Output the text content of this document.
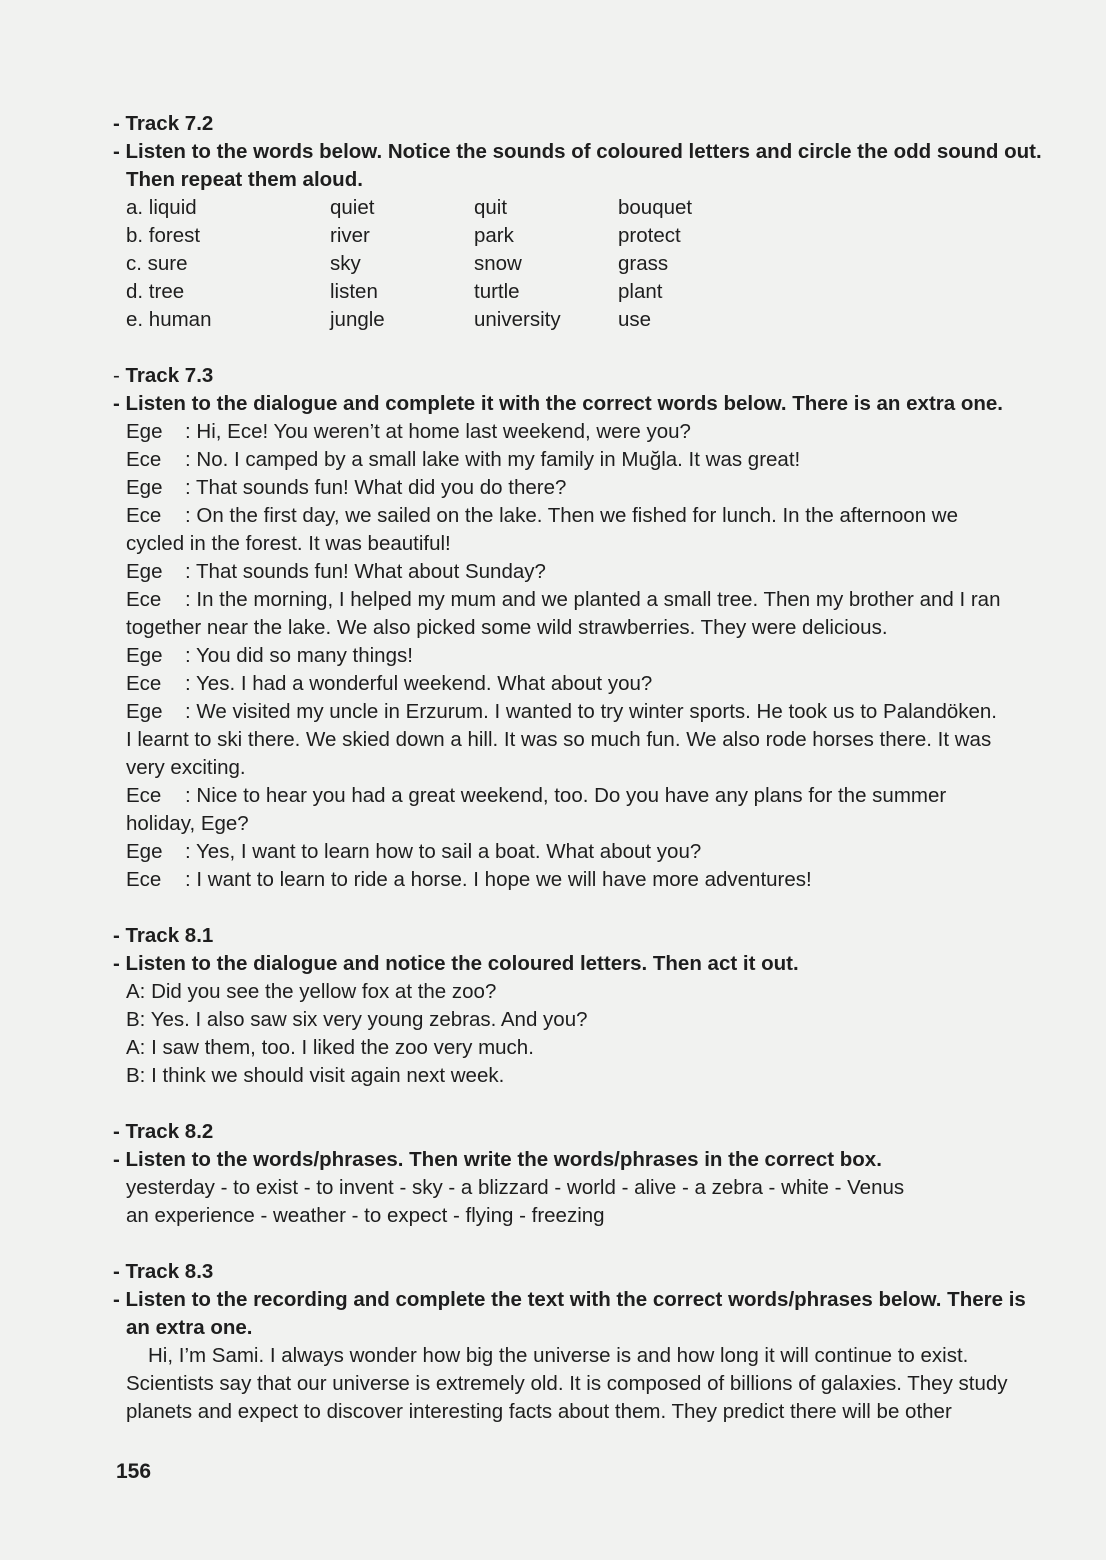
- Track 7.2
- Listen to the words below. Notice the sounds of coloured letters and circle the odd sound out.
Then repeat them aloud.
a. liquid	quiet	quit	bouquet
b. forest	river	park	protect
c. sure	sky	snow	grass
d. tree	listen	turtle	plant
e. human	jungle	university	use
- Track 7.3
- Listen to the dialogue and complete it with the correct words below. There is an extra one.
Ege : Hi, Ece! You weren’t at home last weekend, were you?
Ece : No. I camped by a small lake with my family in Muğla. It was great!
Ege : That sounds fun! What did you do there?
Ece : On the first day, we sailed on the lake. Then we fished for lunch. In the afternoon we
cycled in the forest. It was beautiful!
Ege : That sounds fun! What about Sunday?
Ece : In the morning, I helped my mum and we planted a small tree. Then my brother and I ran
together near the lake. We also picked some wild strawberries. They were delicious.
Ege : You did so many things!
Ece : Yes. I had a wonderful weekend. What about you?
Ege : We visited my uncle in Erzurum. I wanted to try winter sports. He took us to Palandöken.
I learnt to ski there. We skied down a hill. It was so much fun. We also rode horses there. It was
very exciting.
Ece : Nice to hear you had a great weekend, too. Do you have any plans for the summer
holiday, Ege?
Ege : Yes, I want to learn how to sail a boat. What about you?
Ece : I want to learn to ride a horse. I hope we will have more adventures!
- Track 8.1
- Listen to the dialogue and notice the coloured letters. Then act it out.
A: Did you see the yellow fox at the zoo?
B: Yes. I also saw six very young zebras. And you?
A: I saw them, too. I liked the zoo very much.
B: I think we should visit again next week.
- Track 8.2
- Listen to the words/phrases. Then write the words/phrases in the correct box.
yesterday - to exist - to invent - sky - a blizzard - world - alive - a zebra - white - Venus
an experience - weather - to expect - flying - freezing
- Track 8.3
- Listen to the recording and complete the text with the correct words/phrases below. There is
an extra one.
Hi, I’m Sami. I always wonder how big the universe is and how long it will continue to exist.
Scientists say that our universe is extremely old. It is composed of billions of galaxies. They study
planets and expect to discover interesting facts about them. They predict there will be other
156
